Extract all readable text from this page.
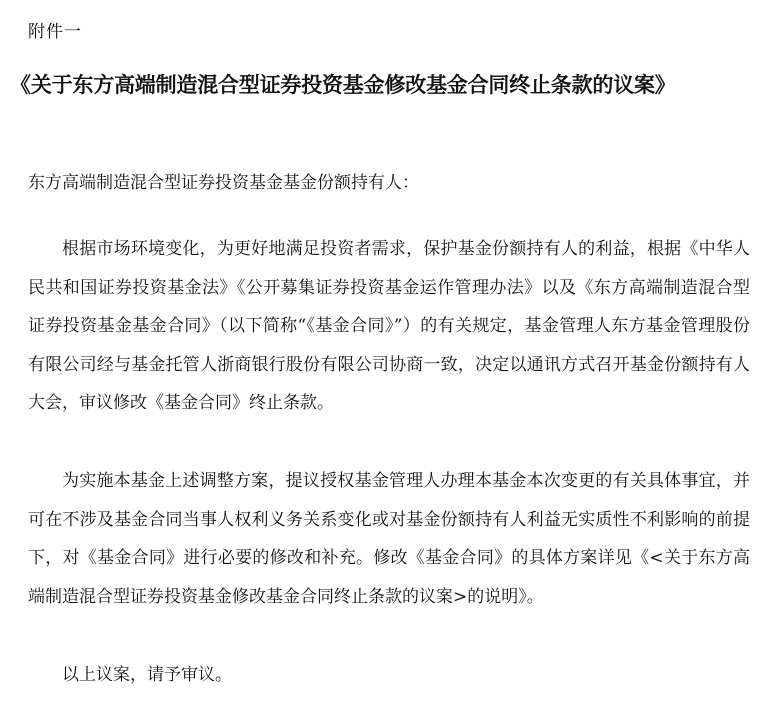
附件一
《关于东方高端制造混合型证券投资基金修改基金合同终止条款的议案》
东方高端制造混合型证券投资基金基金份额持有人：

根据市场环境变化，为更好地满足投资者需求，保护基金份额持有人的利益，根据《中华人民共和国证券投资基金法》《公开募集证券投资基金运作管理办法》以及《东方高端制造混合型证券投资基金基金合同》（以下简称“《基金合同》”）的有关规定，基金管理人东方基金管理股份有限公司经与基金托管人浙商银行股份有限公司协商一致，决定以通讯方式召开基金份额持有人大会，审议修改《基金合同》终止条款。

为实施本基金上述调整方案，提议授权基金管理人办理本基金本次变更的有关具体事宜，并可在不涉及基金合同当事人权利义务关系变化或对基金份额持有人利益无实质性不利影响的前提下，对《基金合同》进行必要的修改和补充。修改《基金合同》的具体方案详见《<关于东方高端制造混合型证券投资基金修改基金合同终止条款的议案>的说明》。

以上议案，请予审议。
